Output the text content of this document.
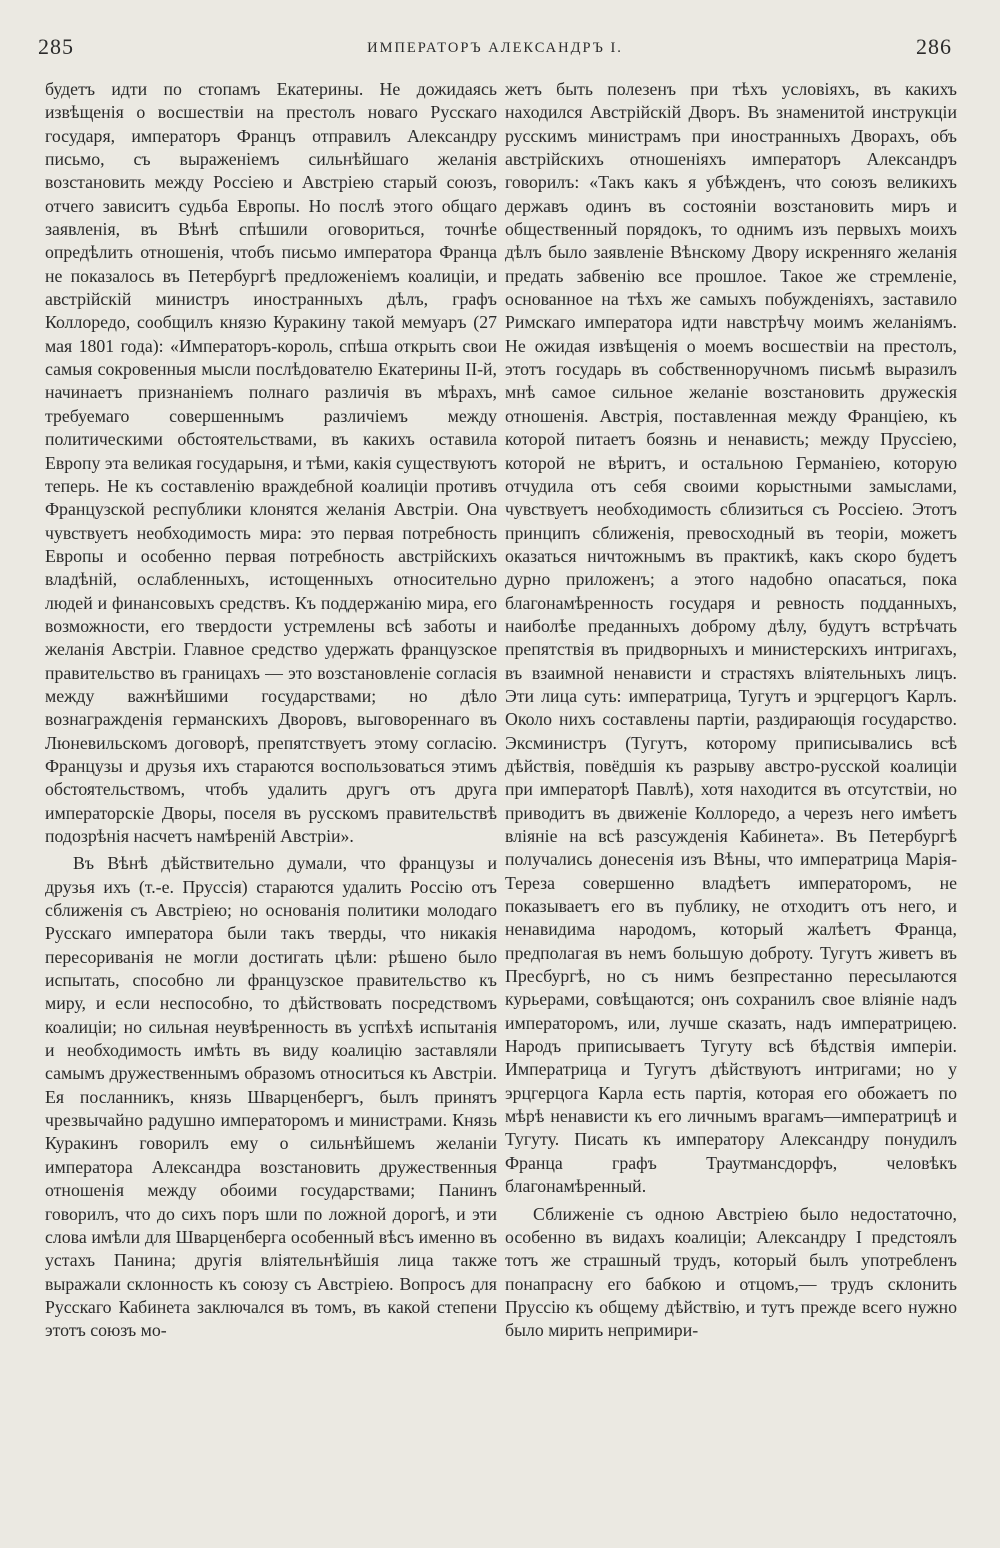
285	ИМПЕРАТОРЪ АЛЕКСАНДРЪ I.	286

будетъ идти по стопамъ Екатерины. Не дожидаясь извѣщенія о восшествіи на престолъ новаго Русскаго государя, императоръ Францъ отправилъ Александру письмо, съ выраженіемъ сильнѣйшаго желанія возстановить между Россіею и Австріею старый союзъ, отчего зависитъ судьба Европы. Но послѣ этого общаго заявленія, въ Вѣнѣ спѣшили оговориться, точнѣе опредѣлить отношенія, чтобъ письмо императора Франца не показалось въ Петербургѣ предложеніемъ коалиціи, и австрійскій министръ иностранныхъ дѣлъ, графъ Коллоредо, сообщилъ князю Куракину такой мемуаръ (27 мая 1801 года): «Императоръ-король, спѣша открыть свои самыя сокровенныя мысли послѣдователю Екатерины II-й, начинаетъ признаніемъ полнаго различія въ мѣрахъ, требуемаго совершеннымъ различіемъ между политическими обстоятельствами, въ какихъ оставила Европу эта великая государыня, и тѣми, какія существуютъ теперь. Не къ составленію враждебной коалиціи противъ Французской республики клонятся желанія Австріи. Она чувствуетъ необходимость мира: это первая потребность Европы и особенно первая потребность австрійскихъ владѣній, ослабленныхъ, истощенныхъ относительно людей и финансовыхъ средствъ. Къ поддержанію мира, его возможности, его твердости устремлены всѣ заботы и желанія Австріи. Главное средство удержать французское правительство въ границахъ — это возстановленіе согласія между важнѣйшими государствами; но дѣло вознагражденія германскихъ Дворовъ, выговореннаго въ Люневильскомъ договорѣ, препятствуетъ этому согласію. Французы и друзья ихъ стараются воспользоваться этимъ обстоятельствомъ, чтобъ удалить другъ отъ друга императорскіе Дворы, поселя въ русскомъ правительствѣ подозрѣнія насчетъ намѣреній Австріи».

Въ Вѣнѣ дѣйствительно думали, что французы и друзья ихъ (т.-е. Пруссія) стараются удалить Россію отъ сближенія съ Австріею; но основанія политики молодаго Русскаго императора были такъ тверды, что никакія пересориванія не могли достигать цѣли: рѣшено было испытать, способно ли французское правительство къ миру, и если неспособно, то дѣйствовать посредствомъ коалиціи; но сильная неувѣренность въ успѣхѣ испытанія и необходимость имѣть въ виду коалицію заставляли самымъ дружественнымъ образомъ относиться къ Австріи. Ея посланникъ, князь Шварценбергъ, былъ принятъ чрезвычайно радушно императоромъ и министрами. Князь Куракинъ говорилъ ему о сильнѣйшемъ желаніи императора Александра возстановить дружественныя отношенія между обоими государствами; Панинъ говорилъ, что до сихъ поръ шли по ложной дорогѣ, и эти слова имѣли для Шварценберга особенный вѣсъ именно въ устахъ Панина; другія вліятельнѣйшія лица также выражали склонность къ союзу съ Австріею. Вопросъ для Русскаго Кабинета заключался въ томъ, въ какой степени этотъ союзъ мо-

жетъ быть полезенъ при тѣхъ условіяхъ, въ какихъ находился Австрійскій Дворъ. Въ знаменитой инструкціи русскимъ министрамъ при иностранныхъ Дворахъ, объ австрійскихъ отношеніяхъ императоръ Александръ говорилъ: «Такъ какъ я убѣжденъ, что союзъ великихъ державъ одинъ въ состояніи возстановить миръ и общественный порядокъ, то однимъ изъ первыхъ моихъ дѣлъ было заявленіе Вѣнскому Двору искренняго желанія предать забвенію все прошлое. Такое же стремленіе, основанное на тѣхъ же самыхъ побужденіяхъ, заставило Римскаго императора идти навстрѣчу моимъ желаніямъ. Не ожидая извѣщенія о моемъ восшествіи на престолъ, этотъ государь въ собственноручномъ письмѣ выразилъ мнѣ самое сильное желаніе возстановить дружескія отношенія. Австрія, поставленная между Франціею, къ которой питаетъ боязнь и ненависть; между Пруссіею, которой не вѣритъ, и остальною Германіею, которую отчудила отъ себя своими корыстными замыслами, чувствуетъ необходимость сблизиться съ Россіею. Этотъ принципъ сближенія, превосходный въ теоріи, можетъ оказаться ничтожнымъ въ практикѣ, какъ скоро будетъ дурно приложенъ; а этого надобно опасаться, пока благонамѣренность государя и ревность подданныхъ, наиболѣе преданныхъ доброму дѣлу, будутъ встрѣчать препятствія въ придворныхъ и министерскихъ интригахъ, въ взаимной ненависти и страстяхъ вліятельныхъ лицъ. Эти лица суть: императрица, Тугутъ и эрцгерцогъ Карлъ. Около нихъ составлены партіи, раздирающія государство. Эксминистръ (Тугутъ, которому приписывались всѣ дѣйствія, повёдшія къ разрыву австро-русской коалиціи при императорѣ Павлѣ), хотя находится въ отсутствіи, но приводитъ въ движеніе Коллоредо, а черезъ него имѣетъ вліяніе на всѣ разсужденія Кабинета». Въ Петербургѣ получались донесенія изъ Вѣны, что императрица Марія-Тереза совершенно владѣетъ императоромъ, не показываетъ его въ публику, не отходитъ отъ него, и ненавидима народомъ, который жалѣетъ Франца, предполагая въ немъ большую доброту. Тугутъ живетъ въ Пресбургѣ, но съ нимъ безпрестанно пересылаются курьерами, совѣщаются; онъ сохранилъ свое вліяніе надъ императоромъ, или, лучше сказать, надъ императрицею. Народъ приписываетъ Тугуту всѣ бѣдствія имперіи. Императрица и Тугутъ дѣйствуютъ интригами; но у эрцгерцога Карла есть партія, которая его обожаетъ по мѣрѣ ненависти къ его личнымъ врагамъ—императрицѣ и Тугуту. Писать къ императору Александру понудилъ Франца графъ Траутмансдорфъ, человѣкъ благонамѣренный.

Сближеніе съ одною Австріею было недостаточно, особенно въ видахъ коалиціи; Александру I предстоялъ тотъ же страшный трудъ, который былъ употребленъ понапрасну его бабкою и отцомъ,— трудъ склонить Пруссію къ общему дѣйствію, и тутъ прежде всего нужно было мирить непримири-
